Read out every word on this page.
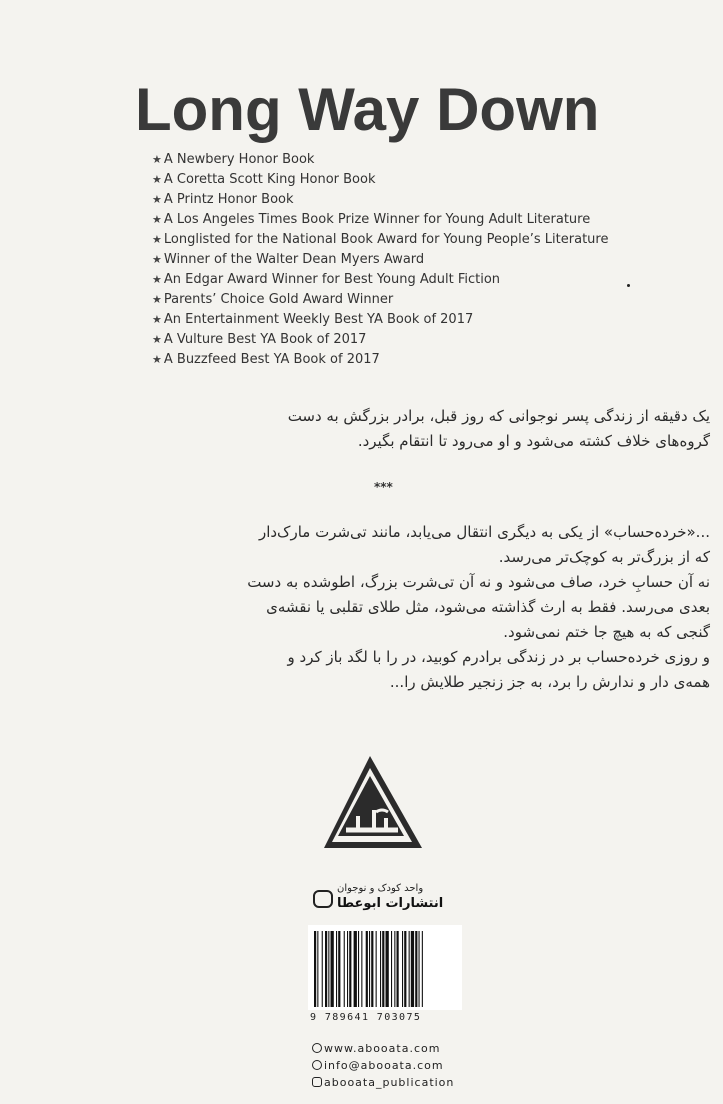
Long Way Down
★ A Newbery Honor Book
★ A Coretta Scott King Honor Book
★ A Printz Honor Book
★ A Los Angeles Times Book Prize Winner for Young Adult Literature
★ Longlisted for the National Book Award for Young People’s Literature
★ Winner of the Walter Dean Myers Award
★ An Edgar Award Winner for Best Young Adult Fiction
★ Parents’ Choice Gold Award Winner
★ An Entertainment Weekly Best YA Book of 2017
★ A Vulture Best YA Book of 2017
★ A Buzzfeed Best YA Book of 2017
یک دقیقه از زندگی پسر نوجوانی که روز قبل، برادر بزرگش به دست
گروه‌های خلاف کشته می‌شود و او می‌رود تا انتقام بگیرد.
***
...«خرده‌حساب» از یکی به دیگری انتقال می‌یابد، مانند تی‌شرت مارک‌دار
که از بزرگ‌تر به کوچک‌تر می‌رسد.
نه آن حسابِ خرد، صاف می‌شود و نه آن تی‌شرت بزرگ، اطوشده به دست
بعدی می‌رسد. فقط به ارث گذاشته می‌شود، مثل طلای تقلبی یا نقشه‌ی
گنجی که به هیچ جا ختم نمی‌شود.
و روزی خرده‌حساب بر در زندگی برادرم کوبید، در را با لگد باز کرد و
همه‌ی دار و ندارش را برد، به جز زنجیر طلایش را...
واحد کودک و نوجوان
انتشارات ابوعطا
9 789641 703075
www.abooata.com
info@abooata.com
abooata_publication
